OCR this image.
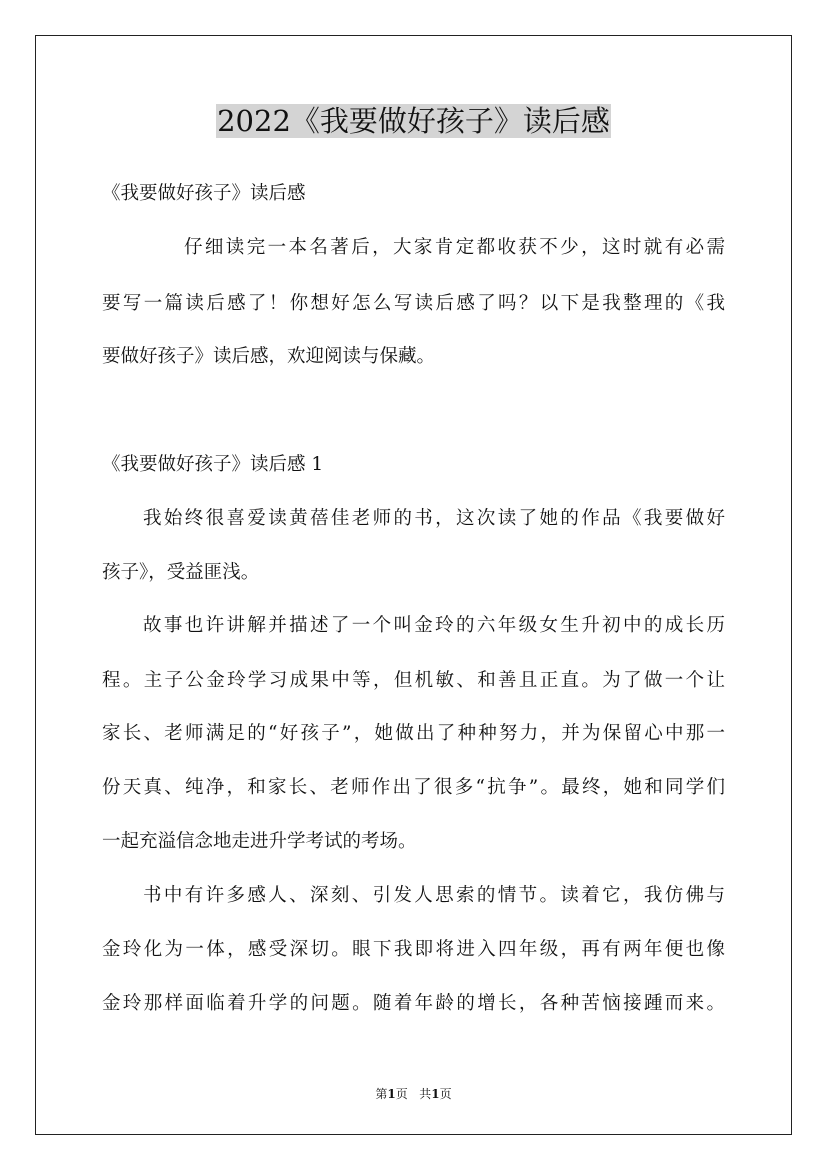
2022《我要做好孩子》读后感
《我要做好孩子》读后感
仔细读完一本名著后，大家肯定都收获不少，这时就有必需
要写一篇读后感了！你想好怎么写读后感了吗？以下是我整理的《我
要做好孩子》读后感，欢迎阅读与保藏。
《我要做好孩子》读后感 1
我始终很喜爱读黄蓓佳老师的书，这次读了她的作品《我要做好
孩子》，受益匪浅。
故事也许讲解并描述了一个叫金玲的六年级女生升初中的成长历
程。主子公金玲学习成果中等，但机敏、和善且正直。为了做一个让
家长、老师满足的“好孩子”，她做出了种种努力，并为保留心中那一
份天真、纯净，和家长、老师作出了很多“抗争”。最终，她和同学们
一起充溢信念地走进升学考试的考场。
书中有许多感人、深刻、引发人思索的情节。读着它，我仿佛与
金玲化为一体，感受深切。眼下我即将进入四年级，再有两年便也像
金玲那样面临着升学的问题。随着年龄的增长，各种苦恼接踵而来。
第1页 共1页
